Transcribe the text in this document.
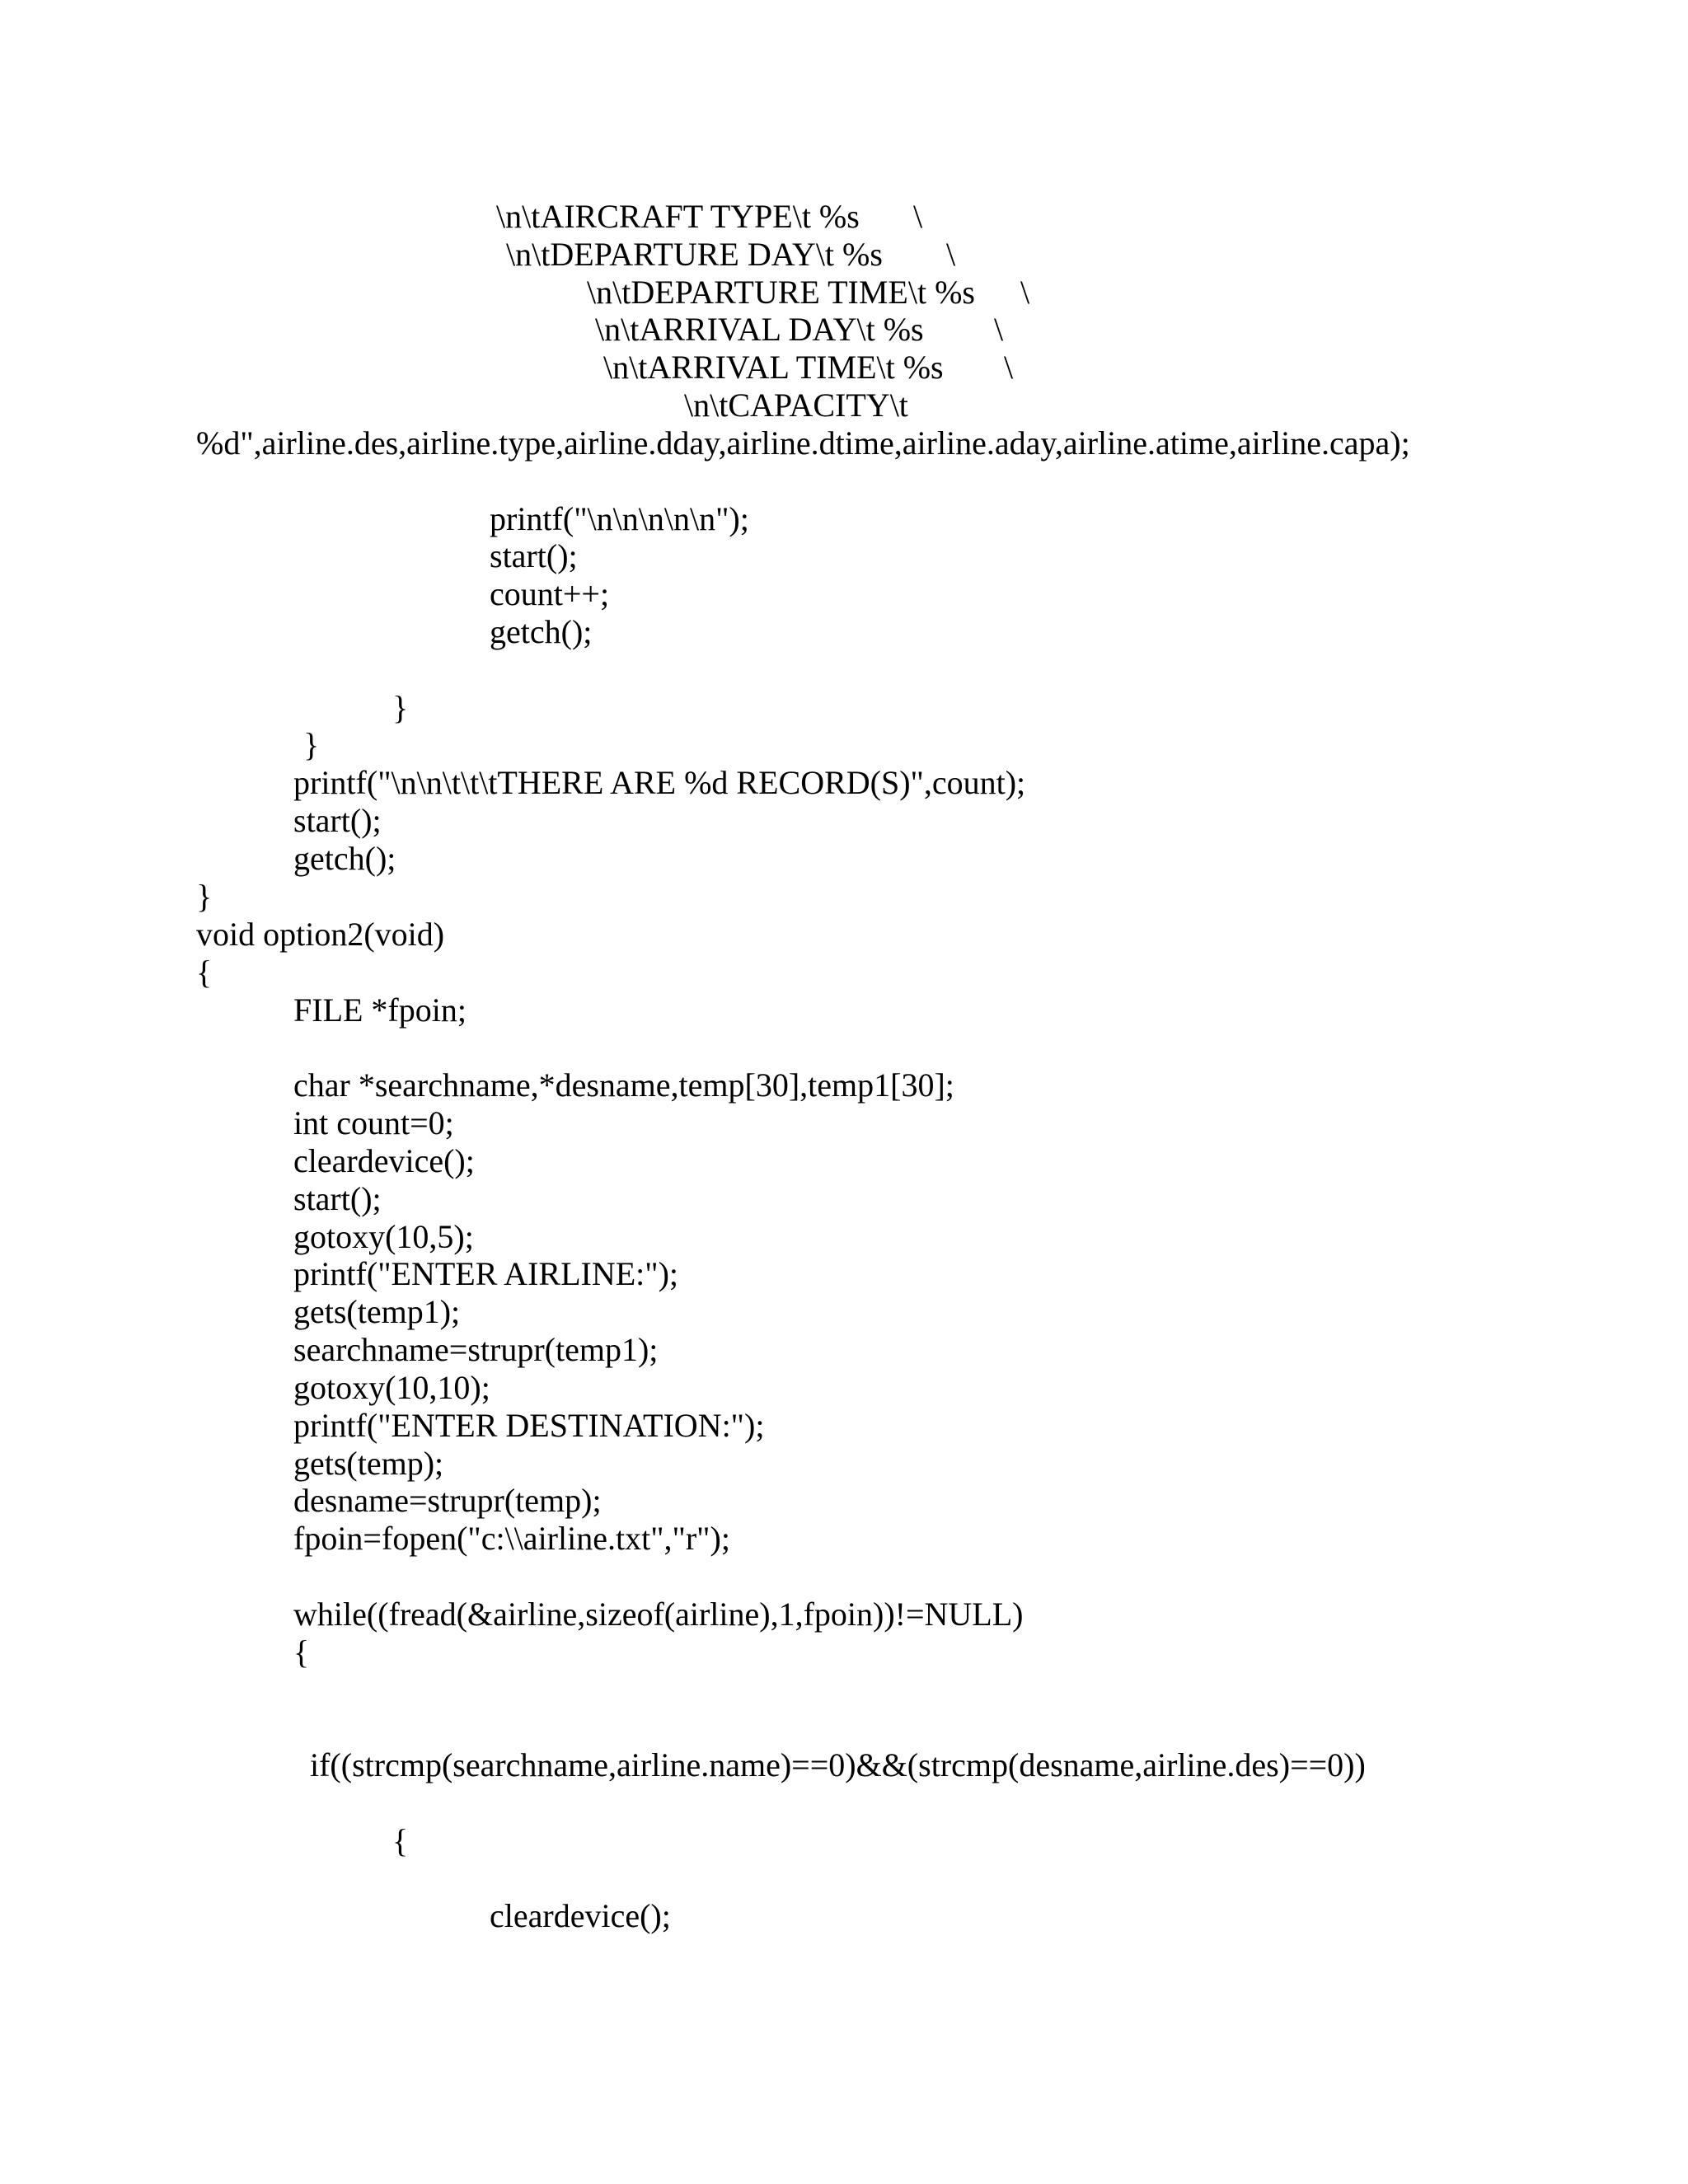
\n\tAIRCRAFT TYPE\t %s \
\n\tDEPARTURE DAY\t %s \
\n\tDEPARTURE TIME\t %s \
\n\tARRIVAL DAY\t %s \
\n\tARRIVAL TIME\t %s \
\n\tCAPACITY\t
%d",airline.des,airline.type,airline.dday,airline.dtime,airline.aday,airline.atime,airline.capa);
printf("\n\n\n\n\n");
start();
count++;
getch();
}
}
printf("\n\n\t\t\tTHERE ARE %d RECORD(S)",count);
start();
getch();
}
void option2(void)
{
FILE *fpoin;
char *searchname,*desname,temp[30],temp1[30];
int count=0;
cleardevice();
start();
gotoxy(10,5);
printf("ENTER AIRLINE:");
gets(temp1);
searchname=strupr(temp1);
gotoxy(10,10);
printf("ENTER DESTINATION:");
gets(temp);
desname=strupr(temp);
fpoin=fopen("c:\\airline.txt","r");
while((fread(&airline,sizeof(airline),1,fpoin))!=NULL)
{
if((strcmp(searchname,airline.name)==0)&&(strcmp(desname,airline.des)==0))
{
cleardevice();
